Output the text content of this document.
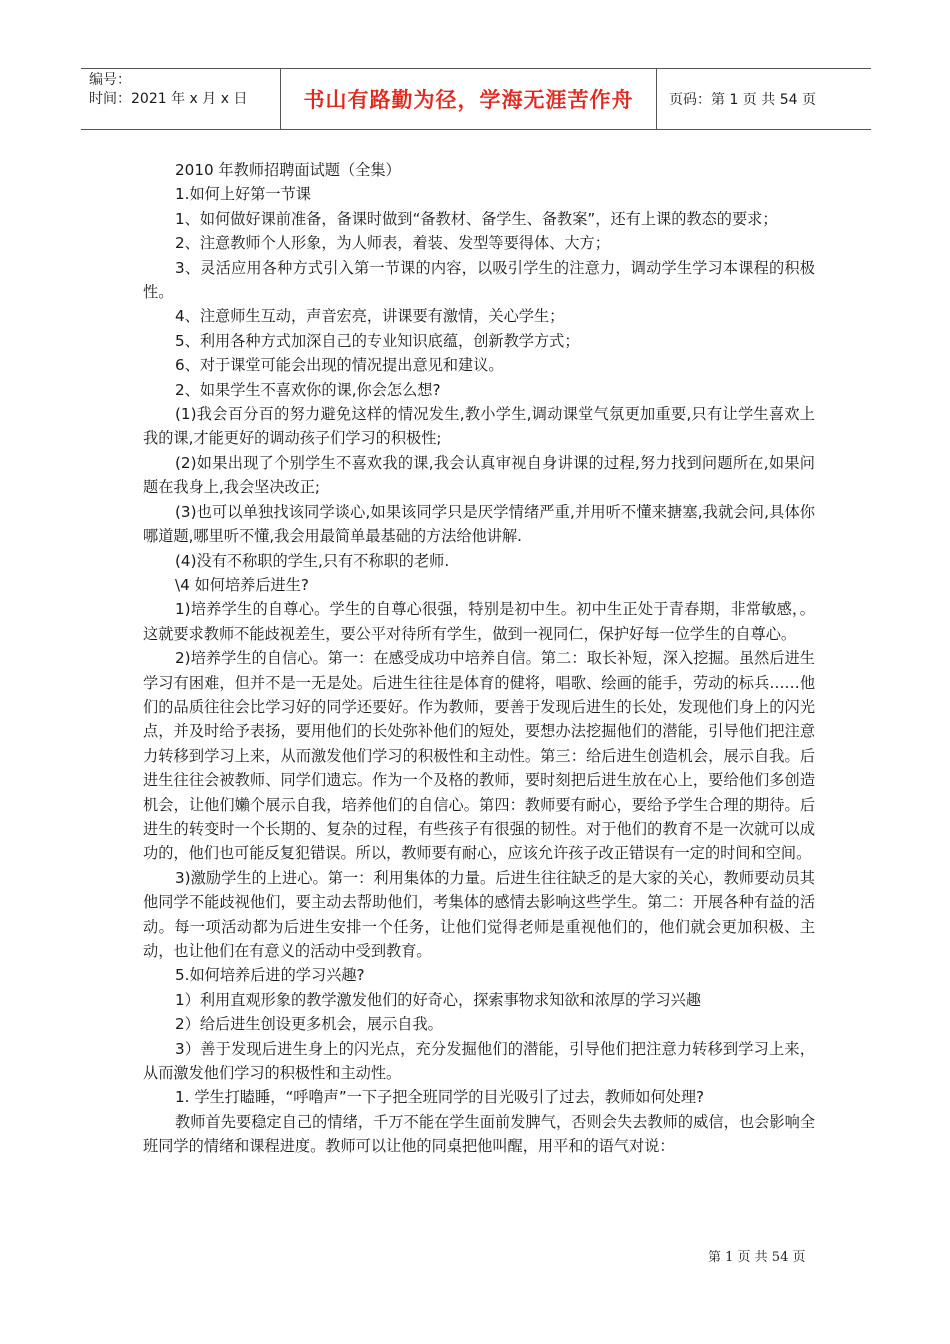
编号：
时间：2021 年 x 月 x 日	书山有路勤为径，学海无涯苦作舟	页码：第 1 页 共 54 页

2010 年教师招聘面试题（全集）

1.如何上好第一节课

1、如何做好课前准备，备课时做到“备教材、备学生、备教案”，还有上课的教态的要求；

2、注意教师个人形象，为人师表，着装、发型等要得体、大方；

3、灵活应用各种方式引入第一节课的内容，以吸引学生的注意力，调动学生学习本课程的积极性。

4、注意师生互动，声音宏亮，讲课要有激情，关心学生；

5、利用各种方式加深自己的专业知识底蕴，创新教学方式；

6、对于课堂可能会出现的情况提出意见和建议。

2、如果学生不喜欢你的课,你会怎么想?

(1)我会百分百的努力避免这样的情况发生,教小学生,调动课堂气氛更加重要,只有让学生喜欢上我的课,才能更好的调动孩子们学习的积极性;

(2)如果出现了个别学生不喜欢我的课,我会认真审视自身讲课的过程,努力找到问题所在,如果问题在我身上,我会坚决改正;

(3)也可以单独找该同学谈心,如果该同学只是厌学情绪严重,并用听不懂来搪塞,我就会问,具体你哪道题,哪里听不懂,我会用最简单最基础的方法给他讲解.

(4)没有不称职的学生,只有不称职的老师.

\4 如何培养后进生?

1)培养学生的自尊心。学生的自尊心很强，特别是初中生。初中生正处于青春期，非常敏感，。这就要求教师不能歧视差生，要公平对待所有学生，做到一视同仁，保护好每一位学生的自尊心。

2)培养学生的自信心。第一：在感受成功中培养自信。第二：取长补短，深入挖掘。虽然后进生学习有困难，但并不是一无是处。后进生往往是体育的健将，唱歌、绘画的能手，劳动的标兵……他们的品质往往会比学习好的同学还要好。作为教师，要善于发现后进生的长处，发现他们身上的闪光点，并及时给予表扬，要用他们的长处弥补他们的短处，要想办法挖掘他们的潜能，引导他们把注意力转移到学习上来，从而激发他们学习的积极性和主动性。第三：给后进生创造机会，展示自我。后进生往往会被教师、同学们遗忘。作为一个及格的教师，要时刻把后进生放在心上，要给他们多创造机会，让他们嬾个展示自我，培养他们的自信心。第四：教师要有耐心，要给予学生合理的期待。后进生的转变时一个长期的、复杂的过程，有些孩子有很强的韧性。对于他们的教育不是一次就可以成功的，他们也可能反复犯错误。所以，教师要有耐心，应该允许孩子改正错误有一定的时间和空间。

3)激励学生的上进心。第一：利用集体的力量。后进生往往缺乏的是大家的关心，教师要动员其他同学不能歧视他们，要主动去帮助他们，考集体的感情去影响这些学生。第二：开展各种有益的活动。每一项活动都为后进生安排一个任务，让他们觉得老师是重视他们的，他们就会更加积极、主动，也让他们在有意义的活动中受到教育。

5.如何培养后进的学习兴趣?

1）利用直观形象的教学激发他们的好奇心，探索事物求知欲和浓厚的学习兴趣

2）给后进生创设更多机会，展示自我。

3）善于发现后进生身上的闪光点，充分发掘他们的潜能，引导他们把注意力转移到学习上来，从而激发他们学习的积极性和主动性。

1. 学生打瞌睡，“呼噜声”一下子把全班同学的目光吸引了过去，教师如何处理?

教师首先要稳定自己的情绪，千万不能在学生面前发脾气，否则会失去教师的威信，也会影响全班同学的情绪和课程进度。教师可以让他的同桌把他叫醒，用平和的语气对说：

第 1 页 共 54 页
